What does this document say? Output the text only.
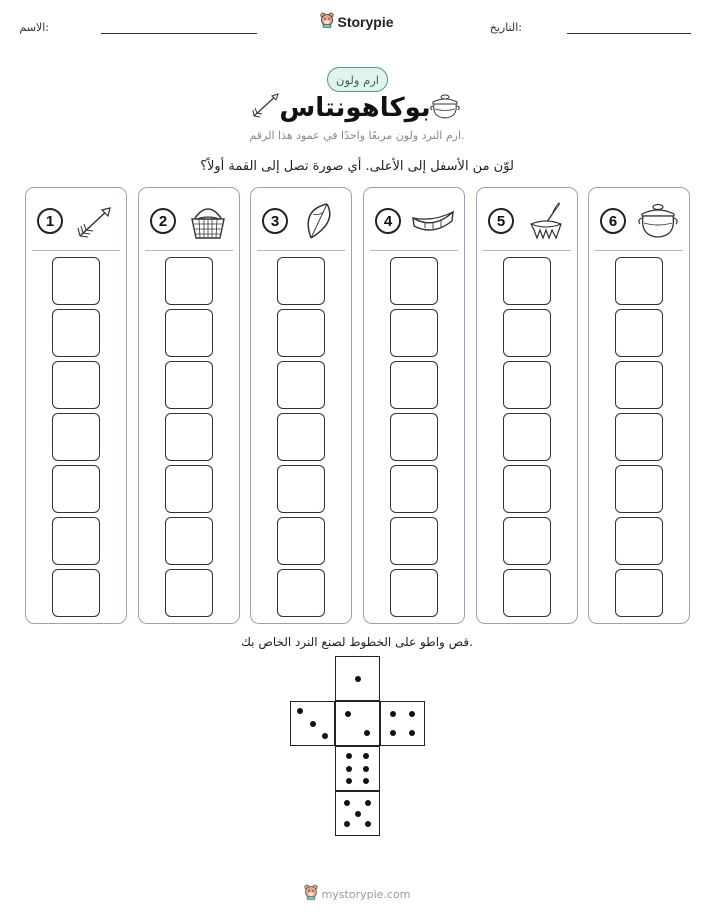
الاسم:	Storypie	التاريخ:
ارم ولون
بوكاهونتاس
ارم النرد ولون مربعًا واحدًا في عمود هذا الرقم.
لوّن من الأسفل إلى الأعلى. أي صورة تصل إلى القمة أولاً؟
1	2	3	4	5	6
قص واطو على الخطوط لصنع النرد الخاص بك.
mystorypie.com
